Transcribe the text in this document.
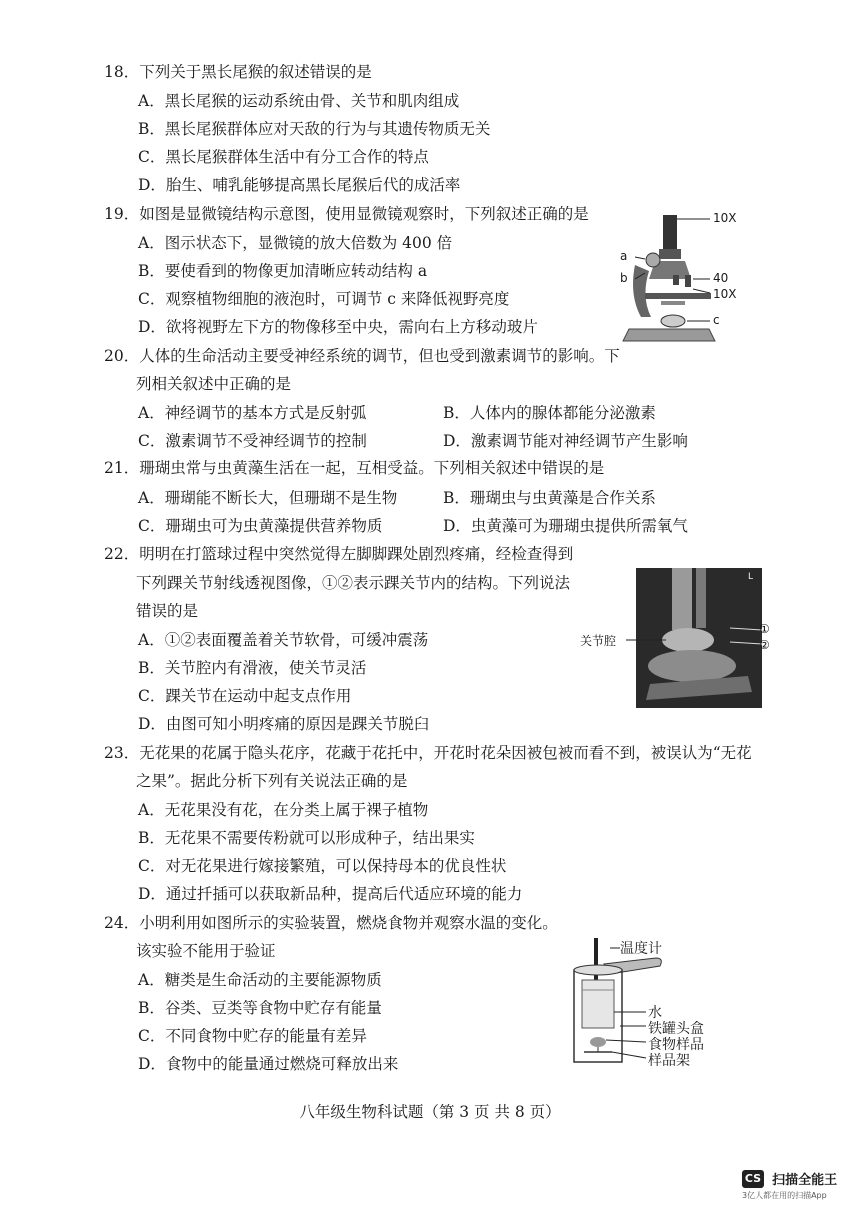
18．下列关于黑长尾猴的叙述错误的是
A．黑长尾猴的运动系统由骨、关节和肌肉组成
B．黑长尾猴群体应对天敌的行为与其遗传物质无关
C．黑长尾猴群体生活中有分工合作的特点
D．胎生、哺乳能够提高黑长尾猴后代的成活率
19．如图是显微镜结构示意图，使用显微镜观察时，下列叙述正确的是
A．图示状态下，显微镜的放大倍数为 400 倍
B．要使看到的物像更加清晰应转动结构 a
C．观察植物细胞的液泡时，可调节 c 来降低视野亮度
D．欲将视野左下方的物像移至中央，需向右上方移动玻片
10X
a
b	40
10X
c
20．人体的生命活动主要受神经系统的调节，但也受到激素调节的影响。下
列相关叙述中正确的是
A．神经调节的基本方式是反射弧	B．人体内的腺体都能分泌激素
C．激素调节不受神经调节的控制	D．激素调节能对神经调节产生影响
21．珊瑚虫常与虫黄藻生活在一起，互相受益。下列相关叙述中错误的是
A．珊瑚能不断长大，但珊瑚不是生物	B．珊瑚虫与虫黄藻是合作关系
C．珊瑚虫可为虫黄藻提供营养物质	D．虫黄藻可为珊瑚虫提供所需氧气
22．明明在打篮球过程中突然觉得左脚脚踝处剧烈疼痛，经检查得到
下列踝关节射线透视图像，①②表示踝关节内的结构。下列说法
错误的是
A．①②表面覆盖着关节软骨，可缓冲震荡
B．关节腔内有滑液，使关节灵活
C．踝关节在运动中起支点作用
D．由图可知小明疼痛的原因是踝关节脱臼
关节腔
L
①
②
23．无花果的花属于隐头花序，花藏于花托中，开花时花朵因被包被而看不到，被误认为“无花
之果”。据此分析下列有关说法正确的是
A．无花果没有花，在分类上属于裸子植物
B．无花果不需要传粉就可以形成种子，结出果实
C．对无花果进行嫁接繁殖，可以保持母本的优良性状
D．通过扦插可以获取新品种，提高后代适应环境的能力
24．小明利用如图所示的实验装置，燃烧食物并观察水温的变化。
该实验不能用于验证
A．糖类是生命活动的主要能源物质
B．谷类、豆类等食物中贮存有能量
C．不同食物中贮存的能量有差异
D．食物中的能量通过燃烧可释放出来
温度计
水
铁罐头盒
食物样品
样品架
八年级生物科试题（第 3 页 共 8 页）
CS 扫描全能王
3亿人都在用的扫描App
